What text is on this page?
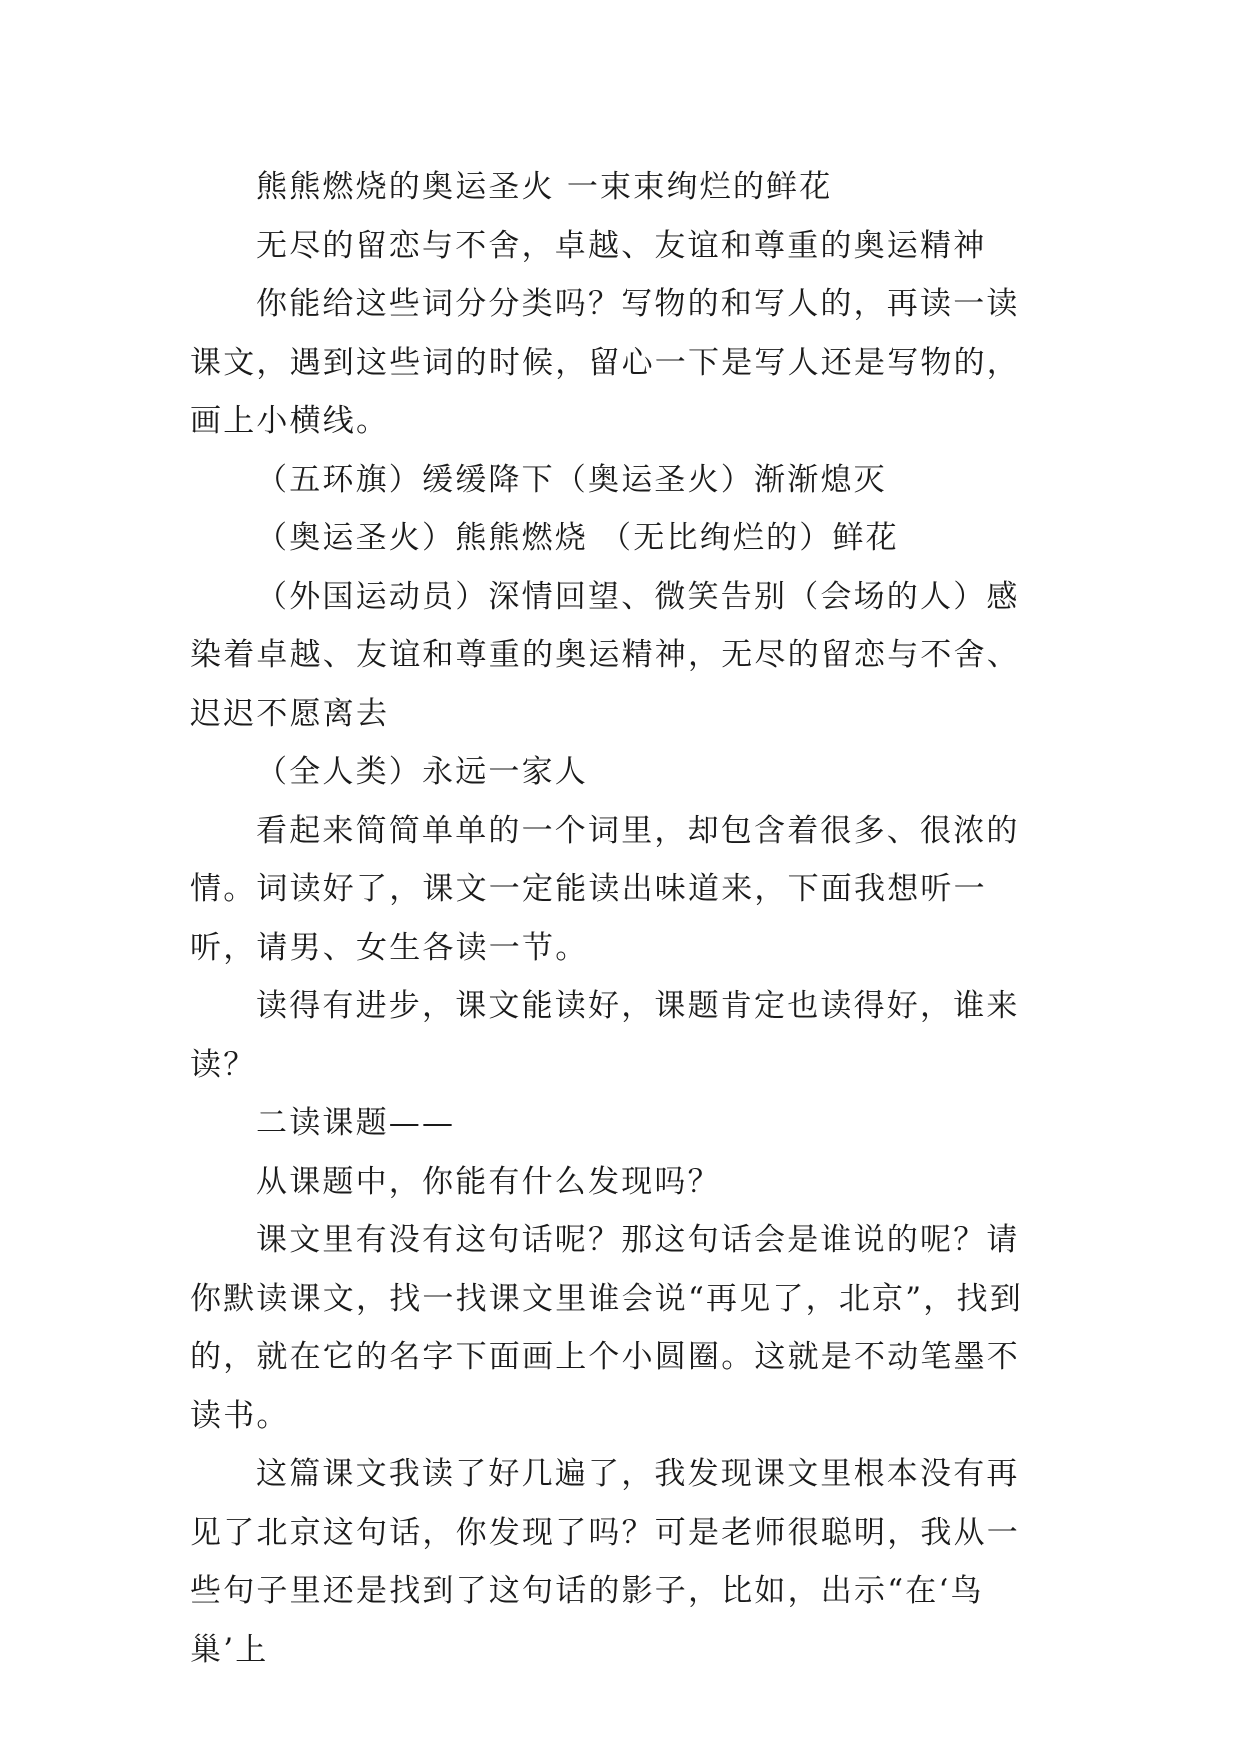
熊熊燃烧的奥运圣火 一束束绚烂的鲜花

无尽的留恋与不舍，卓越、友谊和尊重的奥运精神

你能给这些词分分类吗？写物的和写人的，再读一读课文，遇到这些词的时候，留心一下是写人还是写物的，画上小横线。

（五环旗）缓缓降下（奥运圣火）渐渐熄灭

（奥运圣火）熊熊燃烧 （无比绚烂的）鲜花

（外国运动员）深情回望、微笑告别（会场的人）感染着卓越、友谊和尊重的奥运精神，无尽的留恋与不舍、迟迟不愿离去

（全人类）永远一家人

看起来简简单单的一个词里，却包含着很多、很浓的情。词读好了，课文一定能读出味道来，下面我想听一听，请男、女生各读一节。

读得有进步，课文能读好，课题肯定也读得好，谁来读？

二读课题——

从课题中，你能有什么发现吗？

课文里有没有这句话呢？那这句话会是谁说的呢？请你默读课文，找一找课文里谁会说“再见了，北京”，找到的，就在它的名字下面画上个小圆圈。这就是不动笔墨不读书。

这篇课文我读了好几遍了，我发现课文里根本没有再见了北京这句话，你发现了吗？可是老师很聪明，我从一些句子里还是找到了这句话的影子，比如，出示“在‘鸟巢’上
